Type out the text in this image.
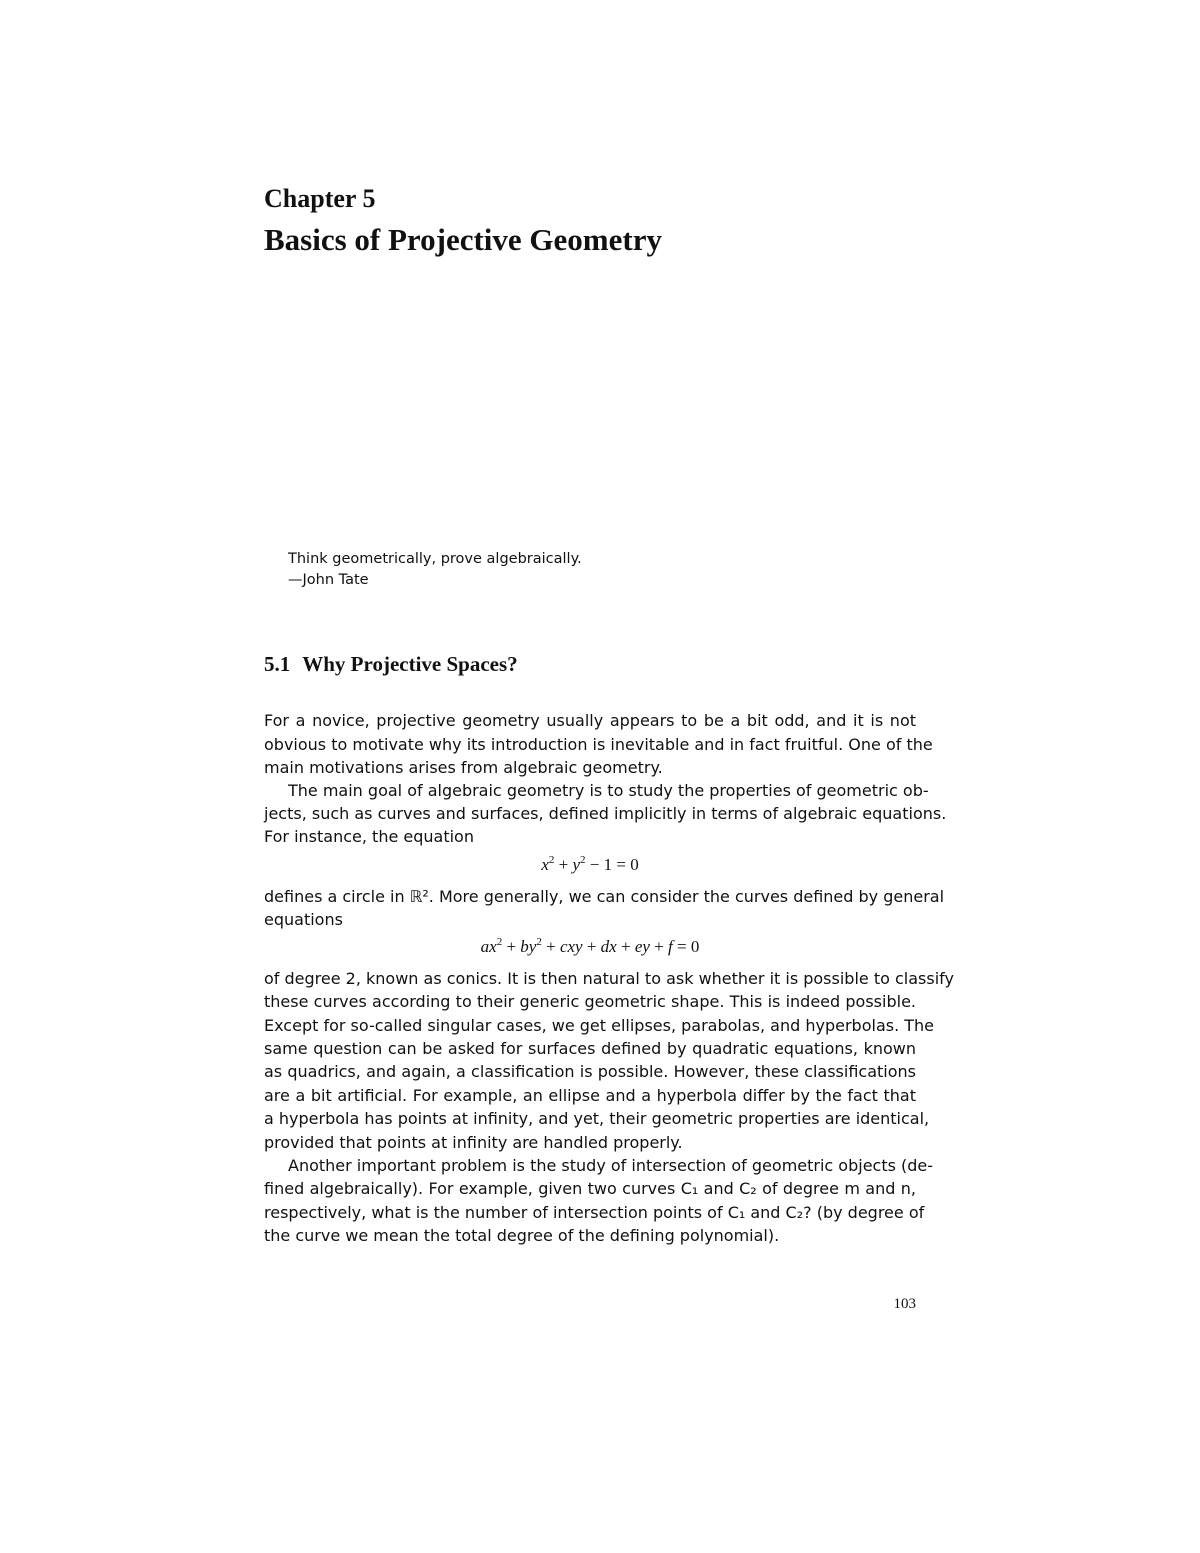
Chapter 5
Basics of Projective Geometry
Think geometrically, prove algebraically.
—John Tate
5.1 Why Projective Spaces?
For a novice, projective geometry usually appears to be a bit odd, and it is not
obvious to motivate why its introduction is inevitable and in fact fruitful. One of the
main motivations arises from algebraic geometry.
The main goal of algebraic geometry is to study the properties of geometric ob-
jects, such as curves and surfaces, defined implicitly in terms of algebraic equations.
For instance, the equation
$x^2 + y^2 - 1 = 0$
defines a circle in ℝ². More generally, we can consider the curves defined by general
equations
$ax^2 + by^2$ + cxy + dx + ey + f = 0
of degree 2, known as conics. It is then natural to ask whether it is possible to classify
these curves according to their generic geometric shape. This is indeed possible.
Except for so-called singular cases, we get ellipses, parabolas, and hyperbolas. The
same question can be asked for surfaces defined by quadratic equations, known
as quadrics, and again, a classification is possible. However, these classifications
are a bit artificial. For example, an ellipse and a hyperbola differ by the fact that
a hyperbola has points at infinity, and yet, their geometric properties are identical,
provided that points at infinity are handled properly.
Another important problem is the study of intersection of geometric objects (de-
fined algebraically). For example, given two curves C₁ and C₂ of degree m and n,
respectively, what is the number of intersection points of C₁ and C₂? (by degree of
the curve we mean the total degree of the defining polynomial).
103
